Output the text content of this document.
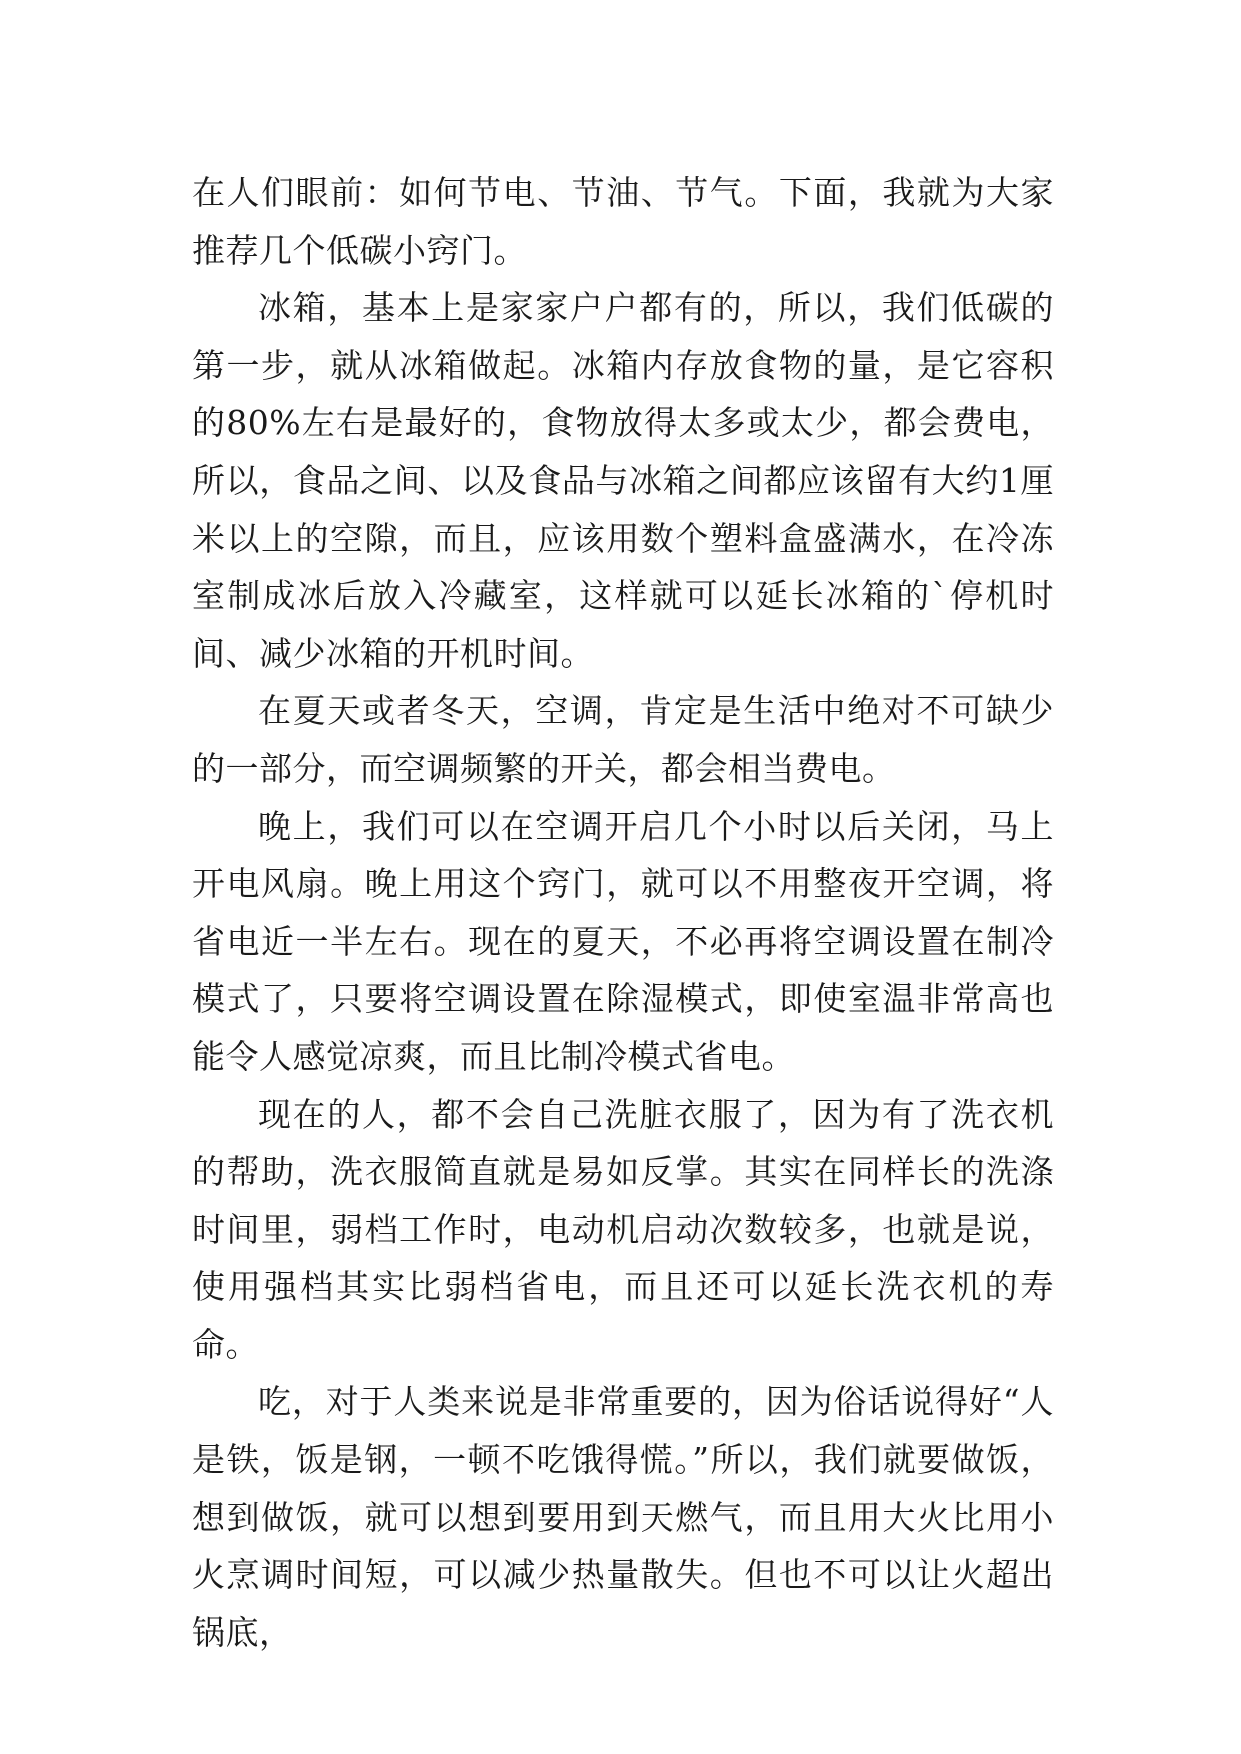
在人们眼前：如何节电、节油、节气。下面，我就为大家推荐几个低碳小窍门。

冰箱，基本上是家家户户都有的，所以，我们低碳的第一步，就从冰箱做起。冰箱内存放食物的量，是它容积的80%左右是最好的，食物放得太多或太少，都会费电，所以，食品之间、以及食品与冰箱之间都应该留有大约1厘米以上的空隙，而且，应该用数个塑料盒盛满水，在冷冻室制成冰后放入冷藏室，这样就可以延长冰箱的`停机时间、减少冰箱的开机时间。

在夏天或者冬天，空调，肯定是生活中绝对不可缺少的一部分，而空调频繁的开关，都会相当费电。

晚上，我们可以在空调开启几个小时以后关闭，马上开电风扇。晚上用这个窍门，就可以不用整夜开空调，将省电近一半左右。现在的夏天，不必再将空调设置在制冷模式了，只要将空调设置在除湿模式，即使室温非常高也能令人感觉凉爽，而且比制冷模式省电。

现在的人，都不会自己洗脏衣服了，因为有了洗衣机的帮助，洗衣服简直就是易如反掌。其实在同样长的洗涤时间里，弱档工作时，电动机启动次数较多，也就是说，使用强档其实比弱档省电，而且还可以延长洗衣机的寿命。

吃，对于人类来说是非常重要的，因为俗话说得好“人是铁，饭是钢，一顿不吃饿得慌。”所以，我们就要做饭，想到做饭，就可以想到要用到天燃气，而且用大火比用小火烹调时间短，可以减少热量散失。但也不可以让火超出锅底，
